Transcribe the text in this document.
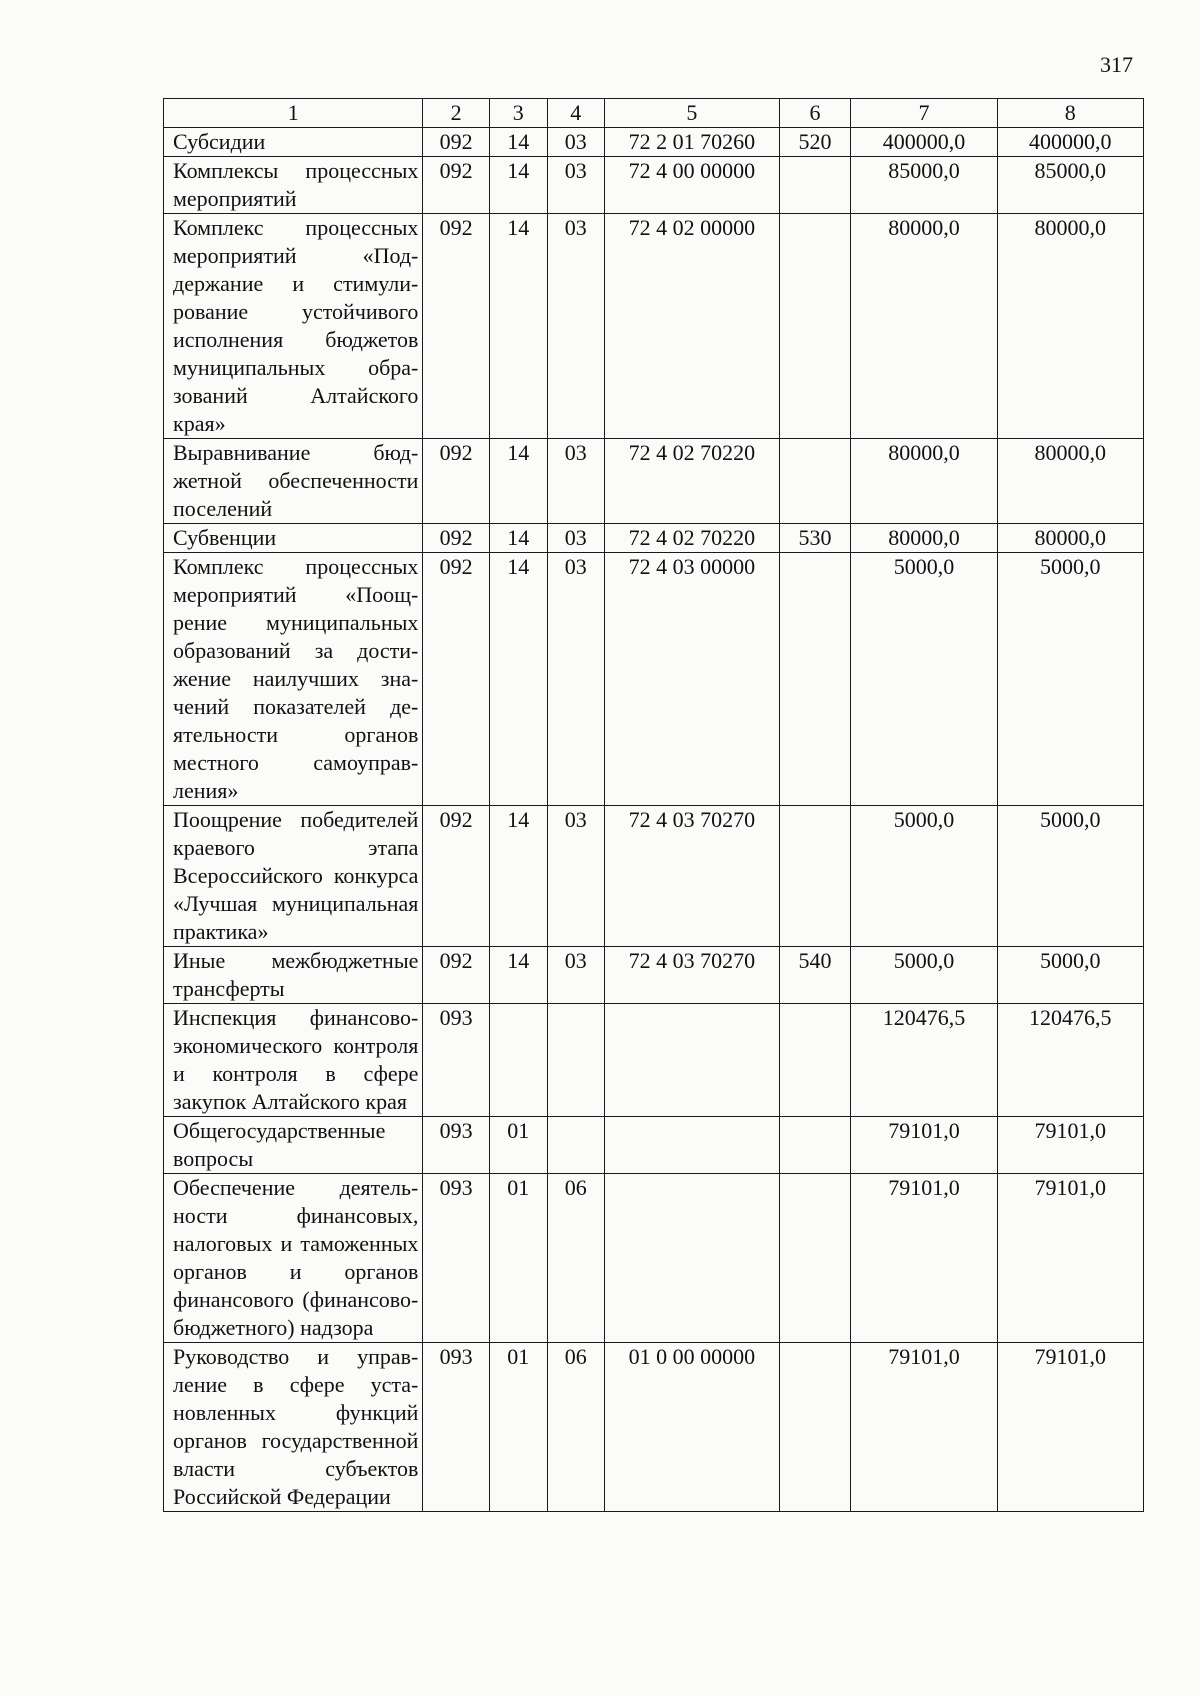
317
1	2	3	4	5	6	7	8
Субсидии	092	14	03	72 2 01 70260	520	400000,0	400000,0
Комплексы процессных мероприятий	092	14	03	72 4 00 00000		85000,0	85000,0
Комплекс процессных мероприятий «Поддержание и стимулирование устойчивого исполнения бюджетов муниципальных образований Алтайского края»	092	14	03	72 4 02 00000		80000,0	80000,0
Выравнивание бюджетной обеспеченности поселений	092	14	03	72 4 02 70220		80000,0	80000,0
Субвенции	092	14	03	72 4 02 70220	530	80000,0	80000,0
Комплекс процессных мероприятий «Поощрение муниципальных образований за достижение наилучших значений показателей деятельности органов местного самоуправления»	092	14	03	72 4 03 00000		5000,0	5000,0
Поощрение победителей краевого этапа Всероссийского конкурса «Лучшая муниципальная практика»	092	14	03	72 4 03 70270		5000,0	5000,0
Иные межбюджетные трансферты	092	14	03	72 4 03 70270	540	5000,0	5000,0
Инспекция финансово-экономического контроля и контроля в сфере закупок Алтайского края	093					120476,5	120476,5
Общегосударственные вопросы	093	01				79101,0	79101,0
Обеспечение деятельности финансовых, налоговых и таможенных органов и органов финансового (финансово-бюджетного) надзора	093	01	06			79101,0	79101,0
Руководство и управление в сфере установленных функций органов государственной власти субъектов Российской Федерации	093	01	06	01 0 00 00000		79101,0	79101,0
